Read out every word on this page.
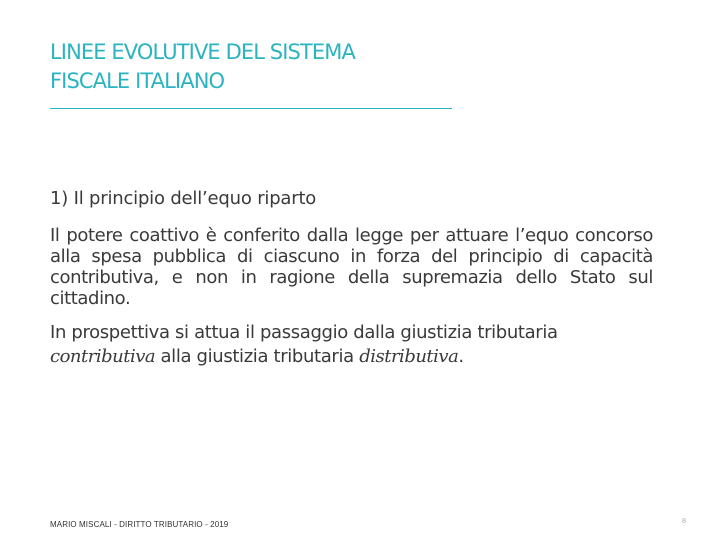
LINEE EVOLUTIVE DEL SISTEMA
FISCALE ITALIANO

1) Il principio dell’equo riparto

Il potere coattivo è conferito dalla legge per attuare l’equo concorso alla spesa pubblica di ciascuno in forza del principio di capacità contributiva, e non in ragione della supremazia dello Stato sul cittadino.

In prospettiva si attua il passaggio dalla giustizia tributaria
contributiva alla giustizia tributaria distributiva.

MARIO MISCALI - DIRITTO TRIBUTARIO - 2019	8
